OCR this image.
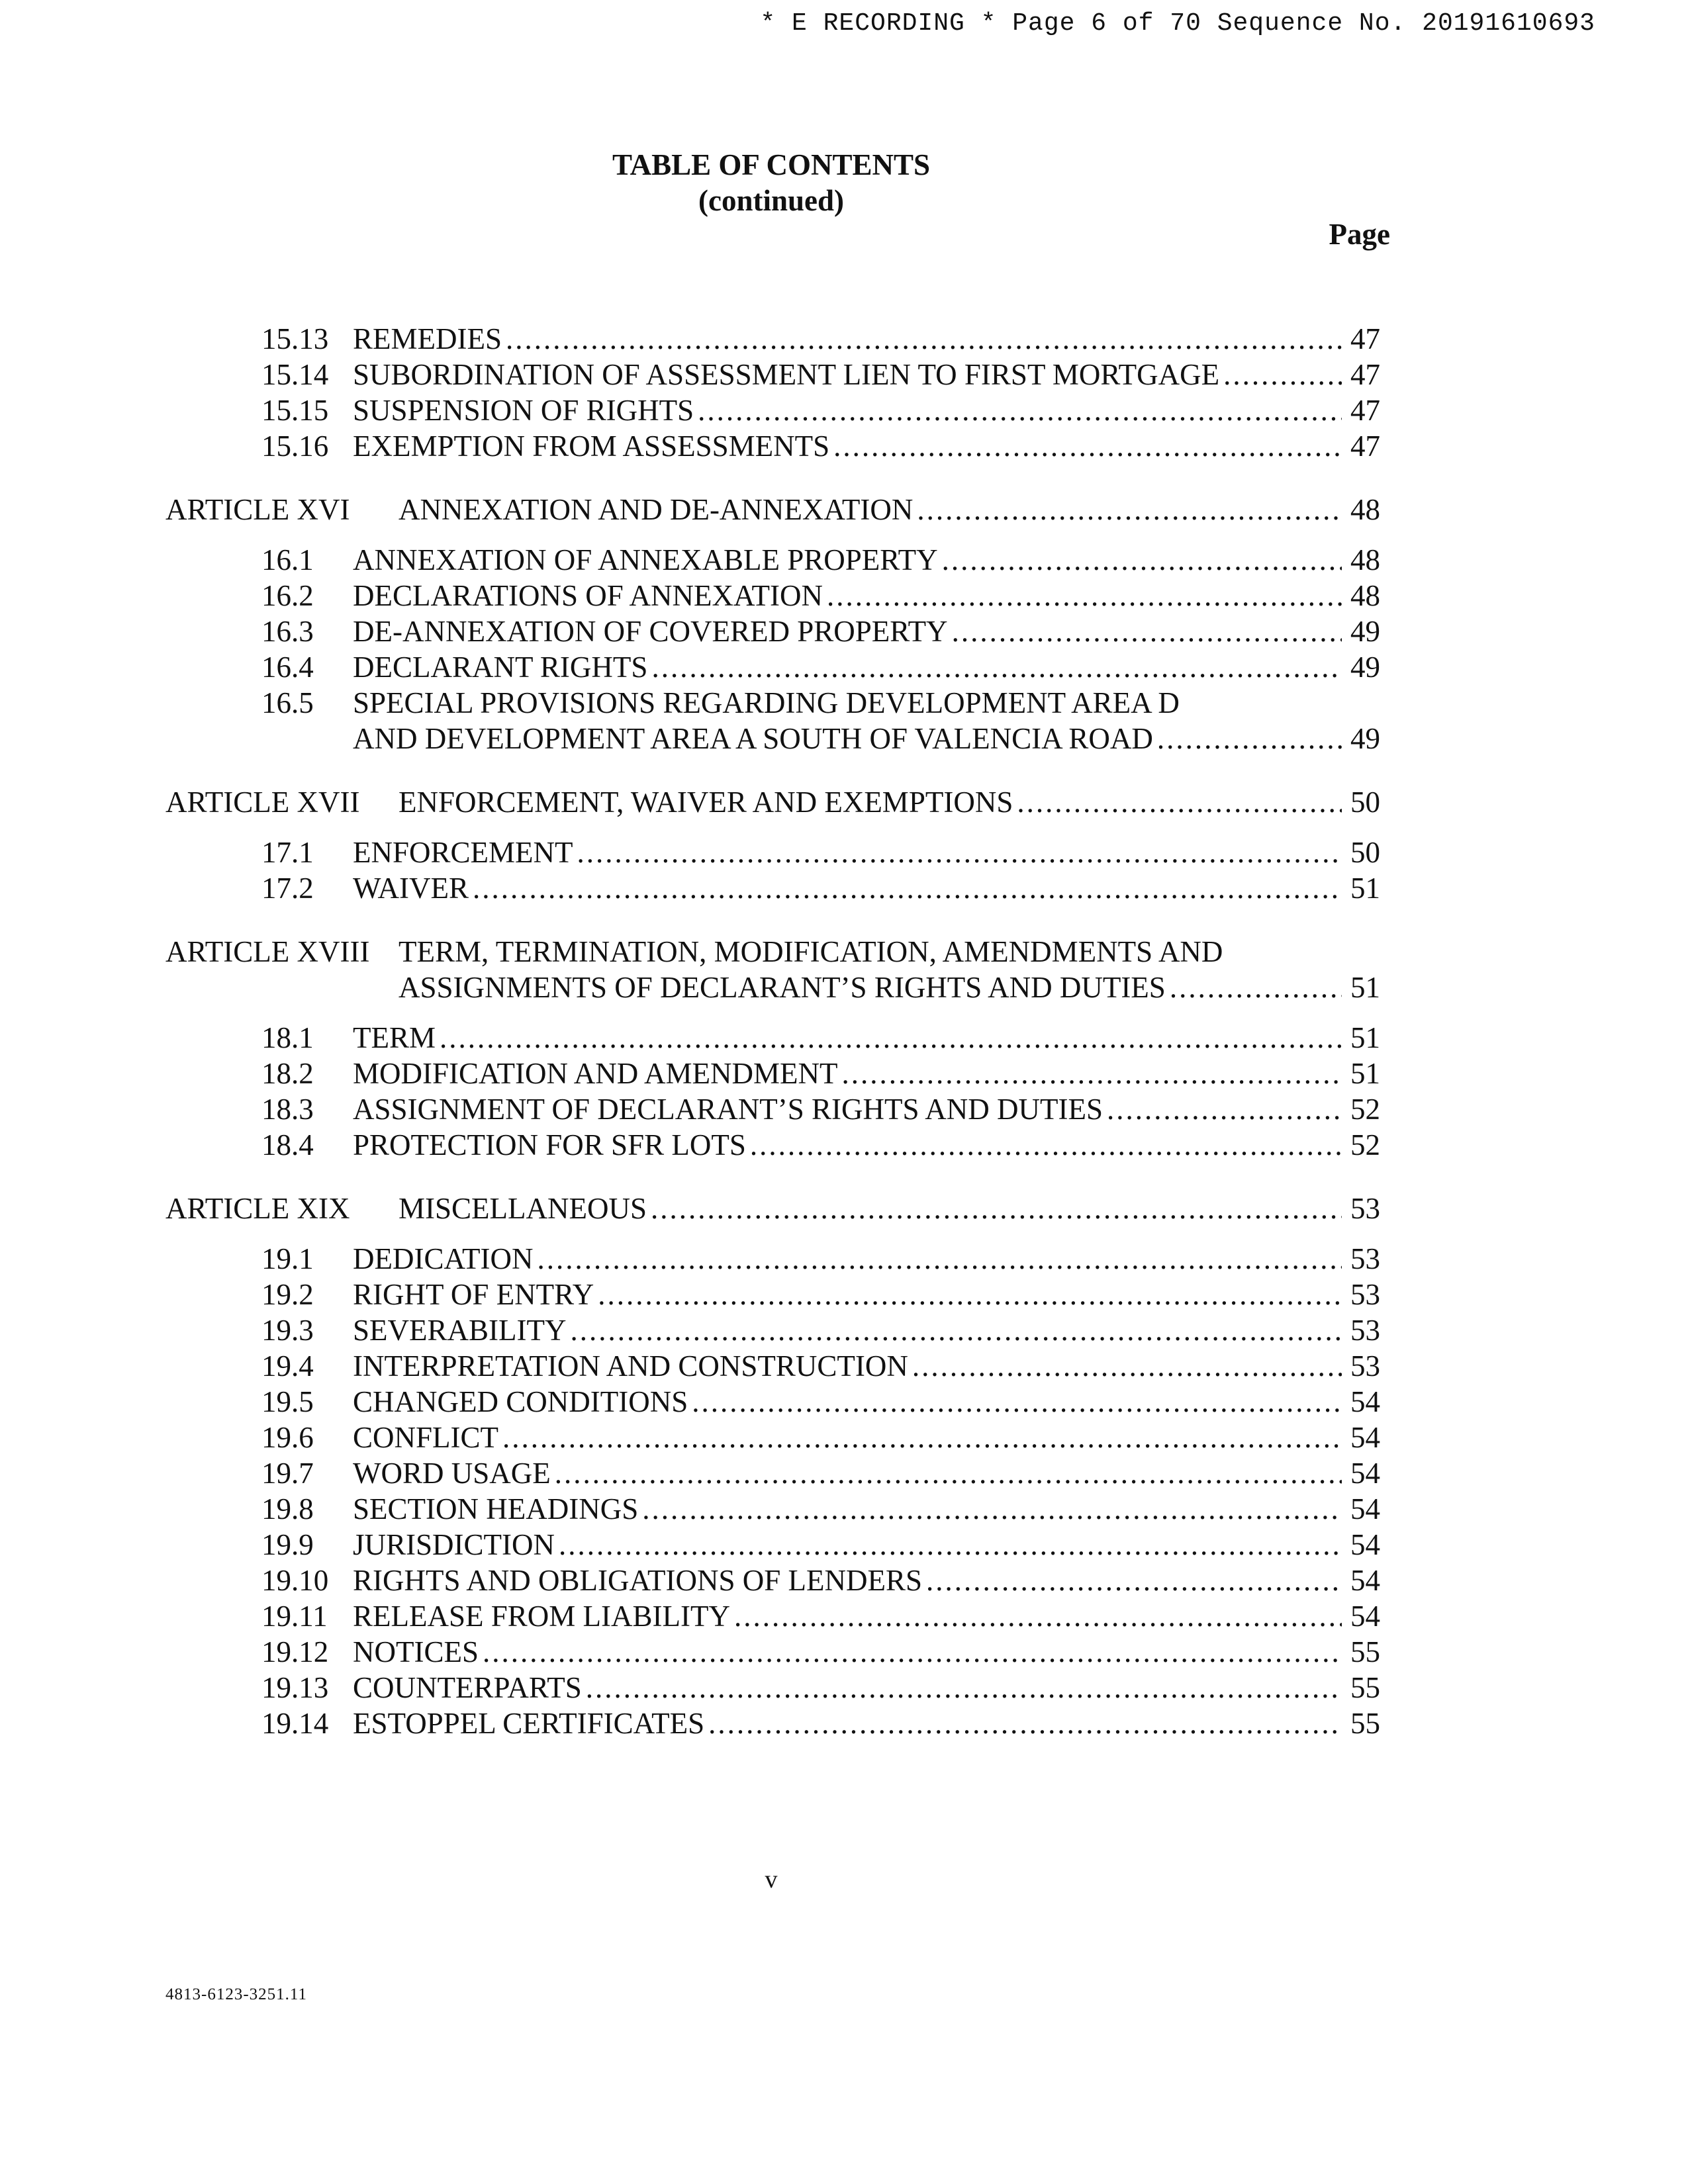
* E RECORDING * Page 6 of 70 Sequence No. 20191610693
TABLE OF CONTENTS
(continued)
Page
15.13 REMEDIES .....	47
15.14 SUBORDINATION OF ASSESSMENT LIEN TO FIRST MORTGAGE .....	47
15.15 SUSPENSION OF RIGHTS .....	47
15.16 EXEMPTION FROM ASSESSMENTS .....	47
ARTICLE XVI	ANNEXATION AND DE-ANNEXATION .....	48
16.1	ANNEXATION OF ANNEXABLE PROPERTY .....	48
16.2	DECLARATIONS OF ANNEXATION .....	48
16.3	DE-ANNEXATION OF COVERED PROPERTY .....	49
16.4	DECLARANT RIGHTS .....	49
16.5	SPECIAL PROVISIONS REGARDING DEVELOPMENT AREA D
AND DEVELOPMENT AREA A SOUTH OF VALENCIA ROAD .....	49
ARTICLE XVII	ENFORCEMENT, WAIVER AND EXEMPTIONS .....	50
17.1	ENFORCEMENT .....	50
17.2	WAIVER .....	51
ARTICLE XVIII TERM, TERMINATION, MODIFICATION, AMENDMENTS AND
ASSIGNMENTS OF DECLARANT’S RIGHTS AND DUTIES .....	51
18.1	TERM .....	51
18.2	MODIFICATION AND AMENDMENT .....	51
18.3	ASSIGNMENT OF DECLARANT’S RIGHTS AND DUTIES .....	52
18.4	PROTECTION FOR SFR LOTS .....	52
ARTICLE XIX	MISCELLANEOUS .....	53
19.1	DEDICATION .....	53
19.2	RIGHT OF ENTRY .....	53
19.3	SEVERABILITY .....	53
19.4	INTERPRETATION AND CONSTRUCTION .....	53
19.5	CHANGED CONDITIONS .....	54
19.6	CONFLICT .....	54
19.7	WORD USAGE .....	54
19.8	SECTION HEADINGS .....	54
19.9	JURISDICTION .....	54
19.10 RIGHTS AND OBLIGATIONS OF LENDERS .....	54
19.11 RELEASE FROM LIABILITY .....	54
19.12 NOTICES .....	55
19.13 COUNTERPARTS .....	55
19.14 ESTOPPEL CERTIFICATES .....	55
v
4813-6123-3251.11
